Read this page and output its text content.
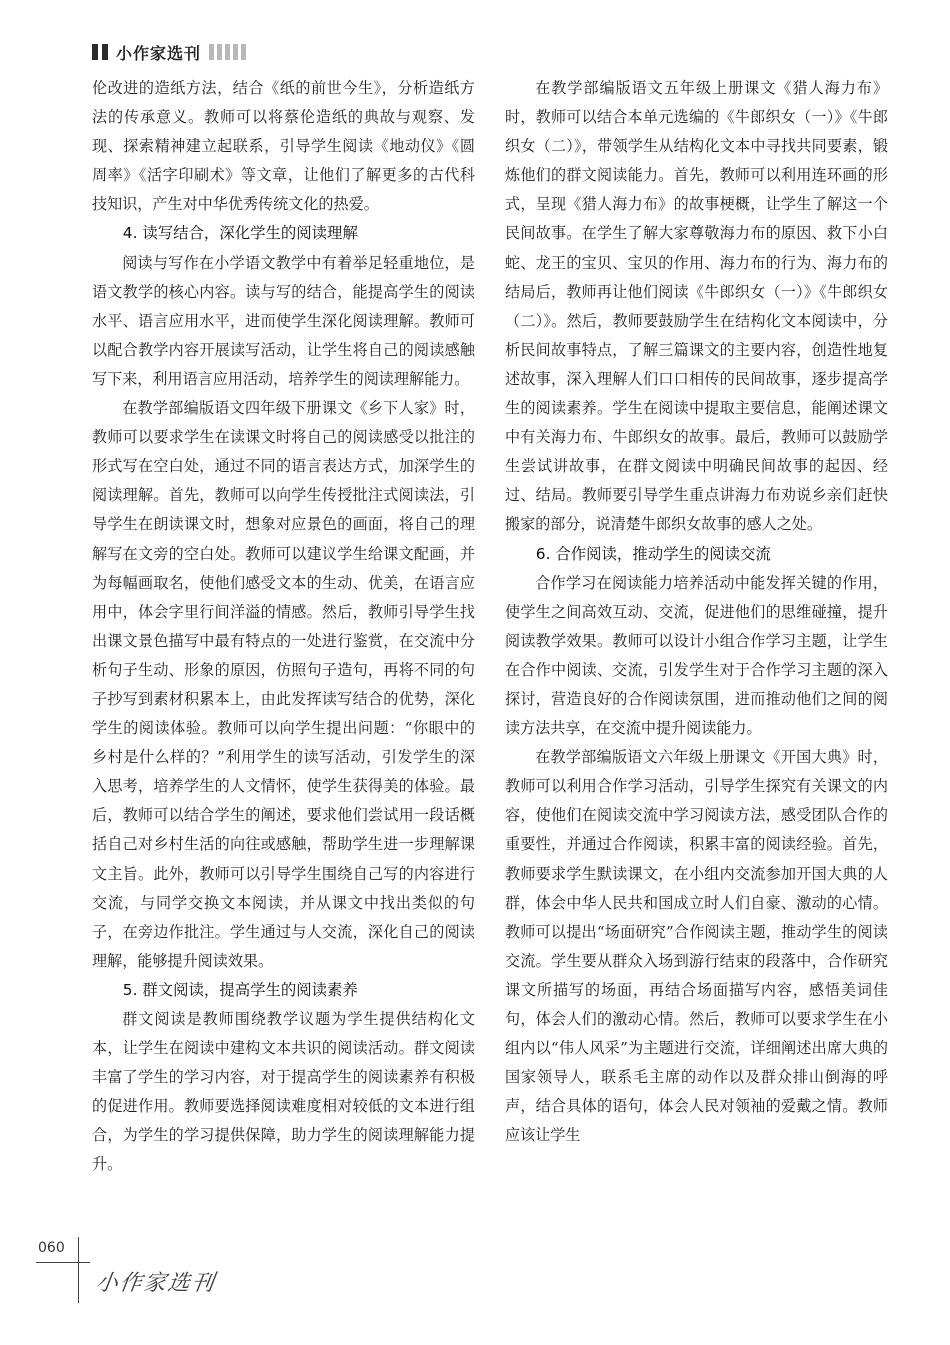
小作家选刊

伦改进的造纸方法，结合《纸的前世今生》，分析造纸方法的传承意义。教师可以将蔡伦造纸的典故与观察、发现、探索精神建立起联系，引导学生阅读《地动仪》《圆周率》《活字印刷术》等文章，让他们了解更多的古代科技知识，产生对中华优秀传统文化的热爱。

4. 读写结合，深化学生的阅读理解

阅读与写作在小学语文教学中有着举足轻重地位，是语文教学的核心内容。读与写的结合，能提高学生的阅读水平、语言应用水平，进而使学生深化阅读理解。教师可以配合教学内容开展读写活动，让学生将自己的阅读感触写下来，利用语言应用活动，培养学生的阅读理解能力。

在教学部编版语文四年级下册课文《乡下人家》时，教师可以要求学生在读课文时将自己的阅读感受以批注的形式写在空白处，通过不同的语言表达方式，加深学生的阅读理解。首先，教师可以向学生传授批注式阅读法，引导学生在朗读课文时，想象对应景色的画面，将自己的理解写在文旁的空白处。教师可以建议学生给课文配画，并为每幅画取名，使他们感受文本的生动、优美，在语言应用中，体会字里行间洋溢的情感。然后，教师引导学生找出课文景色描写中最有特点的一处进行鉴赏，在交流中分析句子生动、形象的原因，仿照句子造句，再将不同的句子抄写到素材积累本上，由此发挥读写结合的优势，深化学生的阅读体验。教师可以向学生提出问题：“你眼中的乡村是什么样的？”利用学生的读写活动，引发学生的深入思考，培养学生的人文情怀，使学生获得美的体验。最后，教师可以结合学生的阐述，要求他们尝试用一段话概括自己对乡村生活的向往或感触，帮助学生进一步理解课文主旨。此外，教师可以引导学生围绕自己写的内容进行交流，与同学交换文本阅读，并从课文中找出类似的句子，在旁边作批注。学生通过与人交流，深化自己的阅读理解，能够提升阅读效果。

5. 群文阅读，提高学生的阅读素养

群文阅读是教师围绕教学议题为学生提供结构化文本，让学生在阅读中建构文本共识的阅读活动。群文阅读丰富了学生的学习内容，对于提高学生的阅读素养有积极的促进作用。教师要选择阅读难度相对较低的文本进行组合，为学生的学习提供保障，助力学生的阅读理解能力提升。

在教学部编版语文五年级上册课文《猎人海力布》时，教师可以结合本单元选编的《牛郎织女（一）》《牛郎织女（二）》，带领学生从结构化文本中寻找共同要素，锻炼他们的群文阅读能力。首先，教师可以利用连环画的形式，呈现《猎人海力布》的故事梗概，让学生了解这一个民间故事。在学生了解大家尊敬海力布的原因、救下小白蛇、龙王的宝贝、宝贝的作用、海力布的行为、海力布的结局后，教师再让他们阅读《牛郎织女（一）》《牛郎织女（二）》。然后，教师要鼓励学生在结构化文本阅读中，分析民间故事特点，了解三篇课文的主要内容，创造性地复述故事，深入理解人们口口相传的民间故事，逐步提高学生的阅读素养。学生在阅读中提取主要信息，能阐述课文中有关海力布、牛郎织女的故事。最后，教师可以鼓励学生尝试讲故事，在群文阅读中明确民间故事的起因、经过、结局。教师要引导学生重点讲海力布劝说乡亲们赶快搬家的部分，说清楚牛郎织女故事的感人之处。

6. 合作阅读，推动学生的阅读交流

合作学习在阅读能力培养活动中能发挥关键的作用，使学生之间高效互动、交流，促进他们的思维碰撞，提升阅读教学效果。教师可以设计小组合作学习主题，让学生在合作中阅读、交流，引发学生对于合作学习主题的深入探讨，营造良好的合作阅读氛围，进而推动他们之间的阅读方法共享，在交流中提升阅读能力。

在教学部编版语文六年级上册课文《开国大典》时，教师可以利用合作学习活动，引导学生探究有关课文的内容，使他们在阅读交流中学习阅读方法，感受团队合作的重要性，并通过合作阅读，积累丰富的阅读经验。首先，教师要求学生默读课文，在小组内交流参加开国大典的人群，体会中华人民共和国成立时人们自豪、激动的心情。教师可以提出“场面研究”合作阅读主题，推动学生的阅读交流。学生要从群众入场到游行结束的段落中，合作研究课文所描写的场面，再结合场面描写内容，感悟美词佳句，体会人们的激动心情。然后，教师可以要求学生在小组内以“伟人风采”为主题进行交流，详细阐述出席大典的国家领导人，联系毛主席的动作以及群众排山倒海的呼声，结合具体的语句，体会人民对领袖的爱戴之情。教师应该让学生

060
小作家选刊
